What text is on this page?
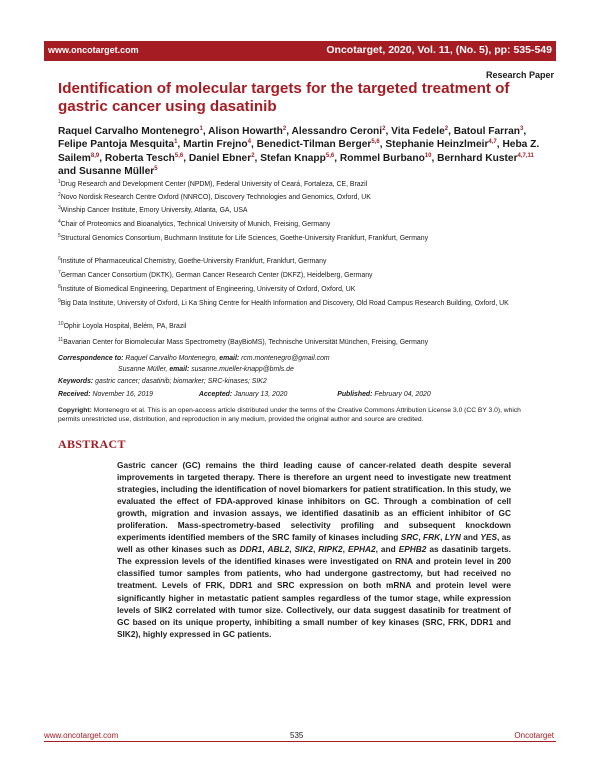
www.oncotarget.com	Oncotarget, 2020, Vol. 11, (No. 5), pp: 535-549
Research Paper
Identification of molecular targets for the targeted treatment of gastric cancer using dasatinib
Raquel Carvalho Montenegro$^1$, Alison Howarth$^2$, Alessandro Ceroni$^2$, Vita Fedele$^2$, Batoul Farran$^3$, Felipe Pantoja Mesquita$^1$, Martin Frejno$^4$, Benedict-Tilman Berger$^{5,6}$, Stephanie Heinzlmeir$^{4,7}$, Heba Z. Sailem$^{8,9}$, Roberta Tesch$^{5,6}$, Daniel Ebner$^2$, Stefan Knapp$^{5,6}$, Rommel Burbano$^{10}$, Bernhard Kuster$^{4,7,11}$ and Susanne Müller$^5$
$^1$Drug Research and Development Center (NPDM), Federal University of Ceará, Fortaleza, CE, Brazil
$^2$Novo Nordisk Research Centre Oxford (NNRCO), Discovery Technologies and Genomics, Oxford, UK
$^3$Winship Cancer Institute, Emory University, Atlanta, GA, USA
$^4$Chair of Proteomics and Bioanalytics, Technical University of Munich, Freising, Germany
$^5$Structural Genomics Consortium, Buchmann Institute for Life Sciences, Goethe-University Frankfurt, Frankfurt, Germany
$^6$Institute of Pharmaceutical Chemistry, Goethe-University Frankfurt, Frankfurt, Germany
$^7$German Cancer Consortium (DKTK), German Cancer Research Center (DKFZ), Heidelberg, Germany
$^8$Institute of Biomedical Engineering, Department of Engineering, University of Oxford, Oxford, UK
$^9$Big Data Institute, University of Oxford, Li Ka Shing Centre for Health Information and Discovery, Old Road Campus Research Building, Oxford, UK
$^{10}$Ophir Loyola Hospital, Belém, PA, Brazil
$^{11}$Bavarian Center for Biomolecular Mass Spectrometry (BayBioMS), Technische Universität München, Freising, Germany
Correspondence to: Raquel Carvalho Montenegro, email: rcm.montenegro@gmail.com
Susanne Müller, email: susanne.mueller-knapp@bmls.de
Keywords: gastric cancer; dasatinib; biomarker; SRC-kinases; SIK2
Received: November 16, 2019	Accepted: January 13, 2020	Published: February 04, 2020
Copyright: Montenegro et al. This is an open-access article distributed under the terms of the Creative Commons Attribution License 3.0 (CC BY 3.0), which permits unrestricted use, distribution, and reproduction in any medium, provided the original author and source are credited.
ABSTRACT

Gastric cancer (GC) remains the third leading cause of cancer-related death despite several improvements in targeted therapy. There is therefore an urgent need to investigate new treatment strategies, including the identification of novel biomarkers for patient stratification. In this study, we evaluated the effect of FDA-approved kinase inhibitors on GC. Through a combination of cell growth, migration and invasion assays, we identified dasatinib as an efficient inhibitor of GC proliferation. Mass-spectrometry-based selectivity profiling and subsequent knockdown experiments identified members of the SRC family of kinases including SRC, FRK, LYN and YES, as well as other kinases such as DDR1, ABL2, SIK2, RIPK2, EPHA2, and EPHB2 as dasatinib targets. The expression levels of the identified kinases were investigated on RNA and protein level in 200 classified tumor samples from patients, who had undergone gastrectomy, but had received no treatment. Levels of FRK, DDR1 and SRC expression on both mRNA and protein level were significantly higher in metastatic patient samples regardless of the tumor stage, while expression levels of SIK2 correlated with tumor size. Collectively, our data suggest dasatinib for treatment of GC based on its unique property, inhibiting a small number of key kinases (SRC, FRK, DDR1 and SIK2), highly expressed in GC patients.

www.oncotarget.com	535	Oncotarget
